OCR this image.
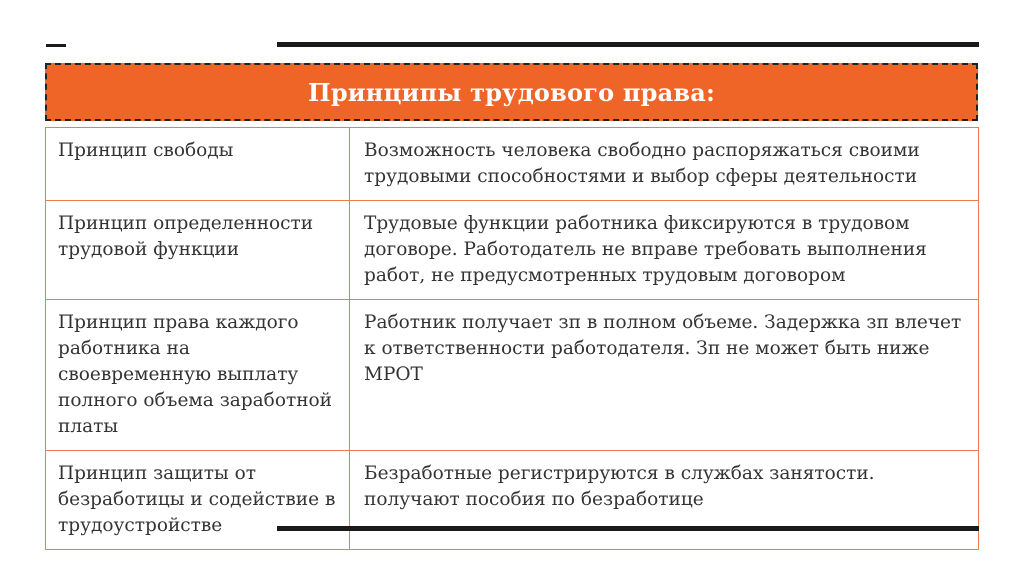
Принципы трудового права:
Принцип свободы	Возможность человека свободно распоряжаться своими трудовыми способностями и выбор сферы деятельности
Принцип определенности трудовой функции	Трудовые функции работника фиксируются в трудовом договоре. Работодатель не вправе требовать выполнения работ, не предусмотренных трудовым договором
Принцип права каждого работника на своевременную выплату полного объема заработной платы	Работник получает зп в полном объеме. Задержка зп влечет к ответственности работодателя. Зп не может быть ниже МРОТ
Принцип защиты от безработицы и содействие в трудоустройстве	Безработные регистрируются в службах занятости. получают пособия по безработице
